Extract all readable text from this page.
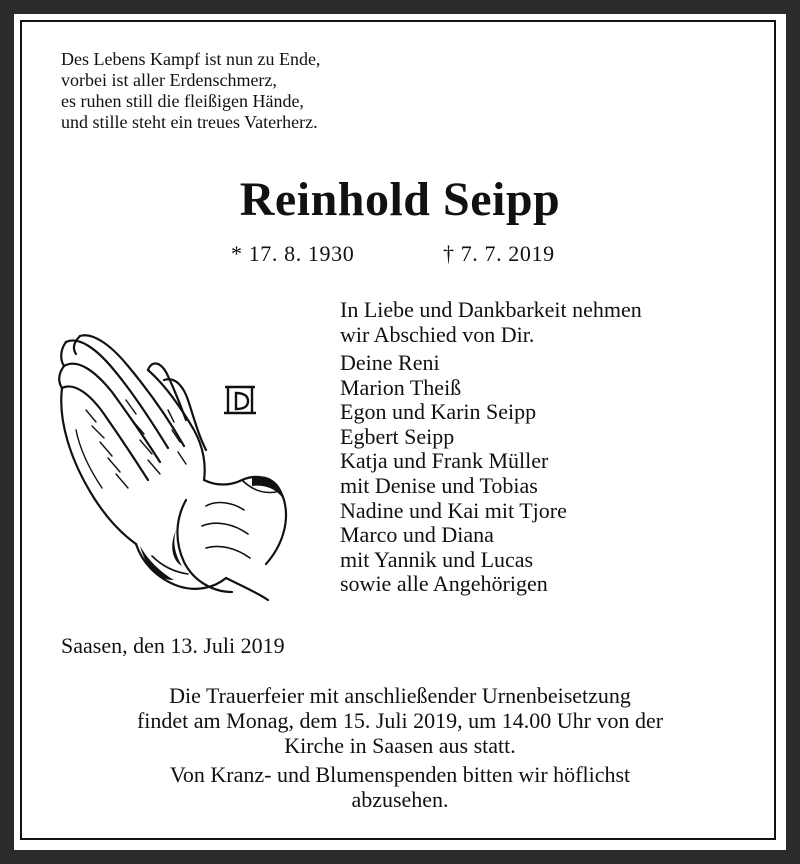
Des Lebens Kampf ist nun zu Ende,
vorbei ist aller Erdenschmerz,
es ruhen still die fleißigen Hände,
und stille steht ein treues Vaterherz.
Reinhold Seipp
* 17. 8. 1930	† 7. 7. 2019
In Liebe und Dankbarkeit nehmen
wir Abschied von Dir.
Deine Reni
Marion Theiß
Egon und Karin Seipp
Egbert Seipp
Katja und Frank Müller
mit Denise und Tobias
Nadine und Kai mit Tjore
Marco und Diana
mit Yannik und Lucas
sowie alle Angehörigen
Saasen, den 13. Juli 2019
Die Trauerfeier mit anschließender Urnenbeisetzung
findet am Monag, dem 15. Juli 2019, um 14.00 Uhr von der
Kirche in Saasen aus statt.
Von Kranz- und Blumenspenden bitten wir höflichst
abzusehen.
